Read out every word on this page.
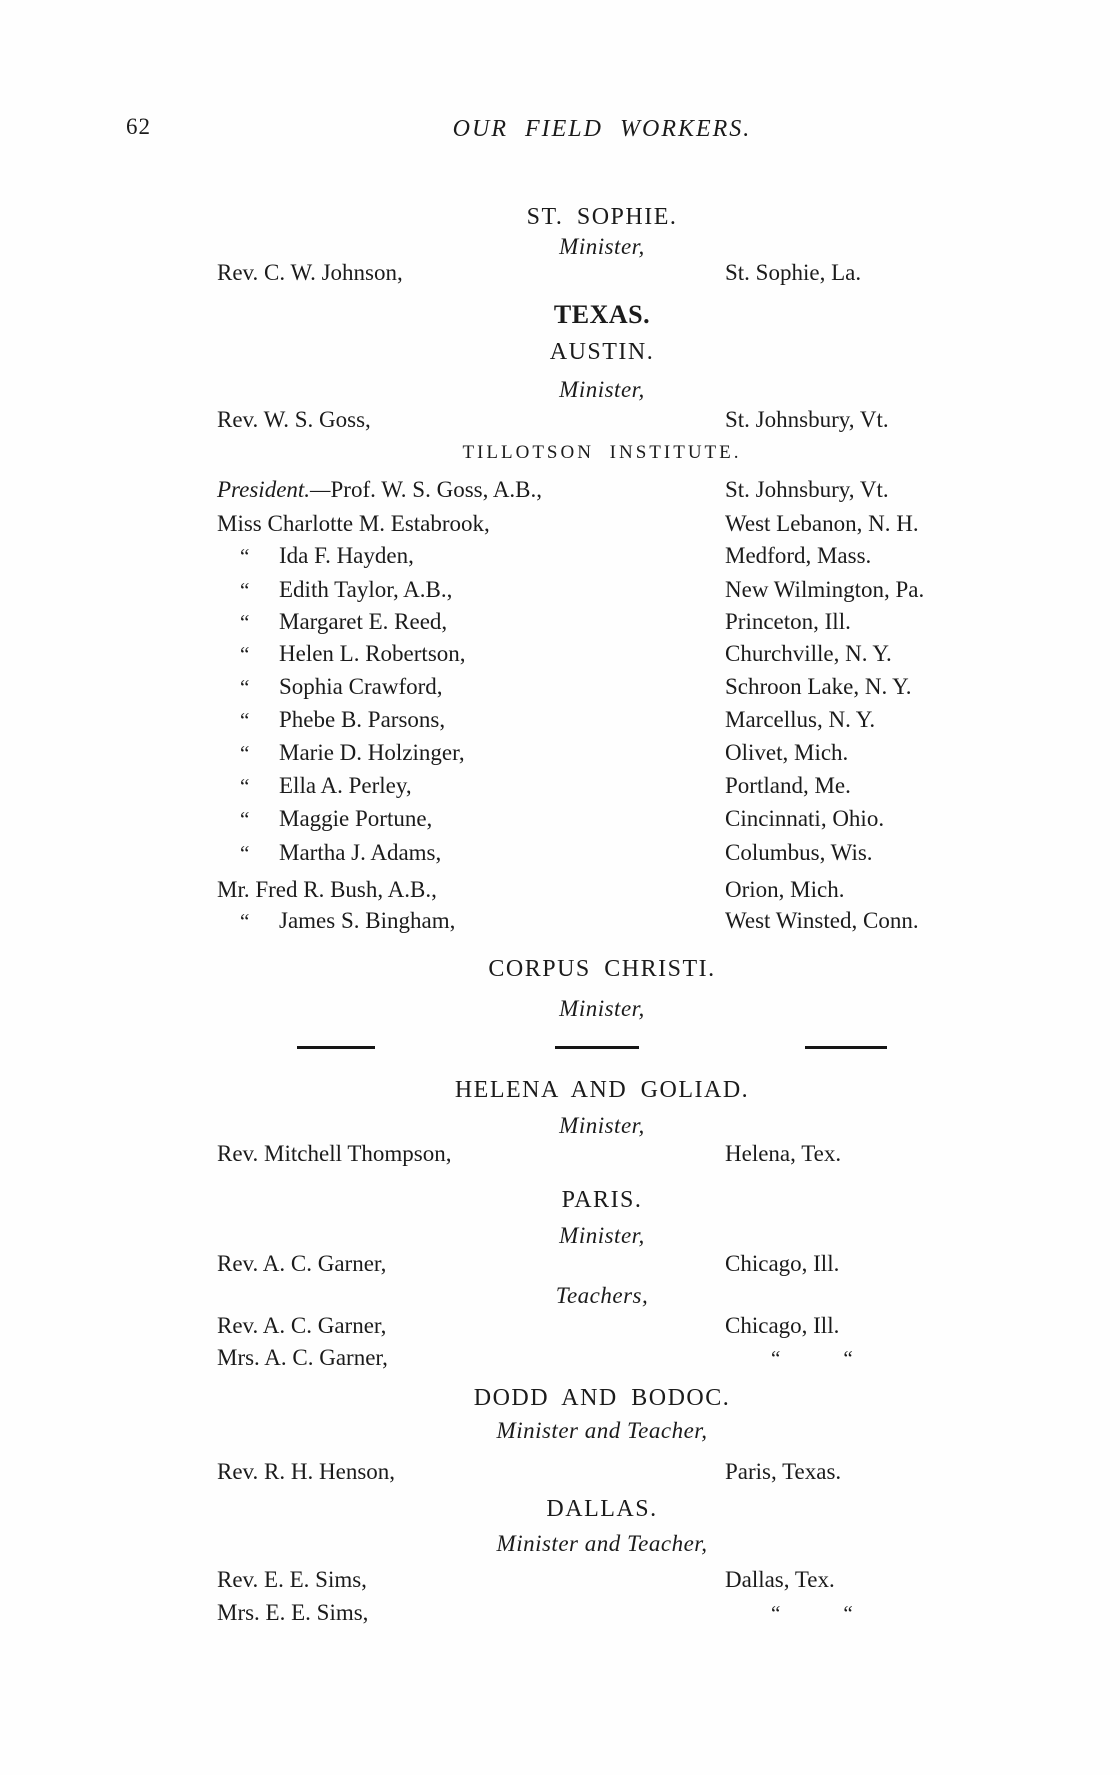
62	OUR FIELD WORKERS.
ST. SOPHIE.
Minister,
Rev. C. W. Johnson,	St. Sophie, La.
TEXAS.
AUSTIN.
Minister,
Rev. W. S. Goss,	St. Johnsbury, Vt.
TILLOTSON INSTITUTE.
President.—Prof. W. S. Goss, A.B.,	St. Johnsbury, Vt.
Miss Charlotte M. Estabrook,	West Lebanon, N. H.
“ Ida F. Hayden,	Medford, Mass.
“ Edith Taylor, A.B.,	New Wilmington, Pa.
“ Margaret E. Reed,	Princeton, Ill.
“ Helen L. Robertson,	Churchville, N. Y.
“ Sophia Crawford,	Schroon Lake, N. Y.
“ Phebe B. Parsons,	Marcellus, N. Y.
“ Marie D. Holzinger,	Olivet, Mich.
“ Ella A. Perley,	Portland, Me.
“ Maggie Portune,	Cincinnati, Ohio.
“ Martha J. Adams,	Columbus, Wis.
Mr. Fred R. Bush, A.B.,	Orion, Mich.
“ James S. Bingham,	West Winsted, Conn.
CORPUS CHRISTI.
Minister,
HELENA AND GOLIAD.
Minister,
Rev. Mitchell Thompson,	Helena, Tex.
PARIS.
Minister,
Rev. A. C. Garner,	Chicago, Ill.
Teachers,
Rev. A. C. Garner,	Chicago, Ill.
Mrs. A. C. Garner,	“   “
DODD AND BODOC.
Minister and Teacher,
Rev. R. H. Henson,	Paris, Texas.
DALLAS.
Minister and Teacher,
Rev. E. E. Sims,	Dallas, Tex.
Mrs. E. E. Sims,	“   “
